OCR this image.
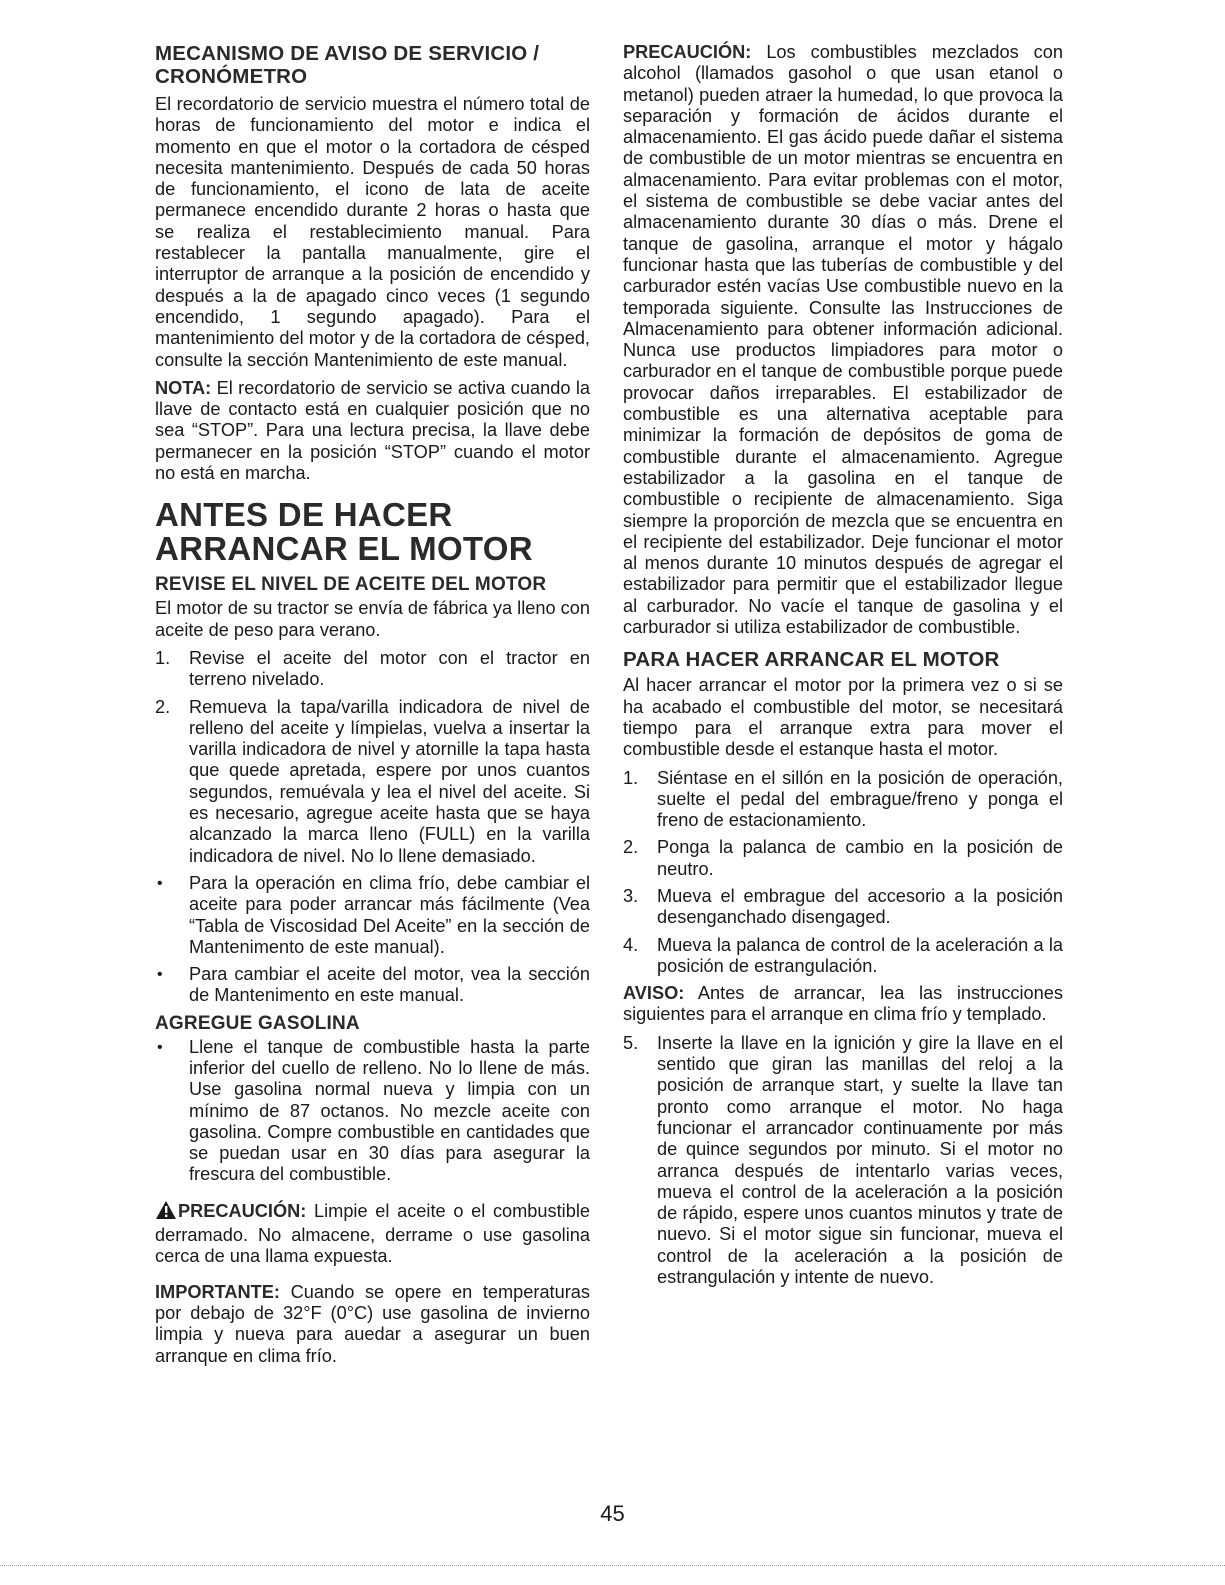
MECANISMO DE AVISO DE SERVICIO / CRONÓMETRO

El recordatorio de servicio muestra el número total de horas de funcionamiento del motor e indica el momento en que el motor o la cortadora de césped necesita mantenimiento. Después de cada 50 horas de funcionamiento, el icono de lata de aceite permanece encendido durante 2 horas o hasta que se realiza el restablecimiento manual. Para restablecer la pantalla manualmente, gire el interruptor de arranque a la posición de encendido y después a la de apagado cinco veces (1 segundo encendido, 1 segundo apagado). Para el mantenimiento del motor y de la cortadora de césped, consulte la sección Mantenimiento de este manual.

NOTA: El recordatorio de servicio se activa cuando la llave de contacto está en cualquier posición que no sea “STOP”. Para una lectura precisa, la llave debe permanecer en la posición “STOP” cuando el motor no está en marcha.

ANTES DE HACER ARRANCAR EL MOTOR
REVISE EL NIVEL DE ACEITE DEL MOTOR

El motor de su tractor se envía de fábrica ya lleno con aceite de peso para verano.

1. Revise el aceite del motor con el tractor en terreno nivelado.
2. Remueva la tapa/varilla indicadora de nivel de relleno del aceite y límpielas, vuelva a insertar la varilla indicadora de nivel y atornille la tapa hasta que quede apretada, espere por unos cuantos segundos, remuévala y lea el nivel del aceite. Si es necesario, agregue aceite hasta que se haya alcanzado la marca lleno (FULL) en la varilla indicadora de nivel. No lo llene demasiado.
• Para la operación en clima frío, debe cambiar el aceite para poder arrancar más fácilmente (Vea “Tabla de Viscosidad Del Aceite” en la sección de Mantenimento de este manual).
• Para cambiar el aceite del motor, vea la sección de Mantenimento en este manual.
AGREGUE GASOLINA
• Llene el tanque de combustible hasta la parte inferior del cuello de relleno. No lo llene de más. Use gasolina normal nueva y limpia con un mínimo de 87 octanos. No mezcle aceite con gasolina. Compre combustible en cantidades que se puedan usar en 30 días para asegurar la frescura del combustible.

PRECAUCIÓN: Limpie el aceite o el combustible derramado. No almacene, derrame o use gasolina cerca de una llama expuesta.

IMPORTANTE: Cuando se opere en temperaturas por debajo de 32°F (0°C) use gasolina de invierno limpia y nueva para auedar a asegurar un buen arranque en clima frío.

PRECAUCIÓN: Los combustibles mezclados con alcohol (llamados gasohol o que usan etanol o metanol) pueden atraer la humedad, lo que provoca la separación y formación de ácidos durante el almacenamiento. El gas ácido puede dañar el sistema de combustible de un motor mientras se encuentra en almacenamiento. Para evitar problemas con el motor, el sistema de combustible se debe vaciar antes del almacenamiento durante 30 días o más. Drene el tanque de gasolina, arranque el motor y hágalo funcionar hasta que las tuberías de combustible y del carburador estén vacías Use combustible nuevo en la temporada siguiente. Consulte las Instrucciones de Almacenamiento para obtener información adicional. Nunca use productos limpiadores para motor o carburador en el tanque de combustible porque puede provocar daños irreparables. El estabilizador de combustible es una alternativa aceptable para minimizar la formación de depósitos de goma de combustible durante el almacenamiento. Agregue estabilizador a la gasolina en el tanque de combustible o recipiente de almacenamiento. Siga siempre la proporción de mezcla que se encuentra en el recipiente del estabilizador. Deje funcionar el motor al menos durante 10 minutos después de agregar el estabilizador para permitir que el estabilizador llegue al carburador. No vacíe el tanque de gasolina y el carburador si utiliza estabilizador de combustible.

PARA HACER ARRANCAR EL MOTOR

Al hacer arrancar el motor por la primera vez o si se ha acabado el combustible del motor, se necesitará tiempo para el arranque extra para mover el combustible desde el estanque hasta el motor.

1. Siéntase en el sillón en la posición de operación, suelte el pedal del embrague/freno y ponga el freno de estacionamiento.
2. Ponga la palanca de cambio en la posición de neutro.
3. Mueva el embrague del accesorio a la posición desenganchado disengaged.
4. Mueva la palanca de control de la aceleración a la posición de estrangulación.

AVISO: Antes de arrancar, lea las instrucciones siguientes para el arranque en clima frío y templado.

5. Inserte la llave en la ignición y gire la llave en el sentido que giran las manillas del reloj a la posición de arranque start, y suelte la llave tan pronto como arranque el motor. No haga funcionar el arrancador continuamente por más de quince segundos por minuto. Si el motor no arranca después de intentarlo varias veces, mueva el control de la aceleración a la posición de rápido, espere unos cuantos minutos y trate de nuevo. Si el motor sigue sin funcionar, mueva el control de la aceleración a la posición de estrangulación y intente de nuevo.
45
